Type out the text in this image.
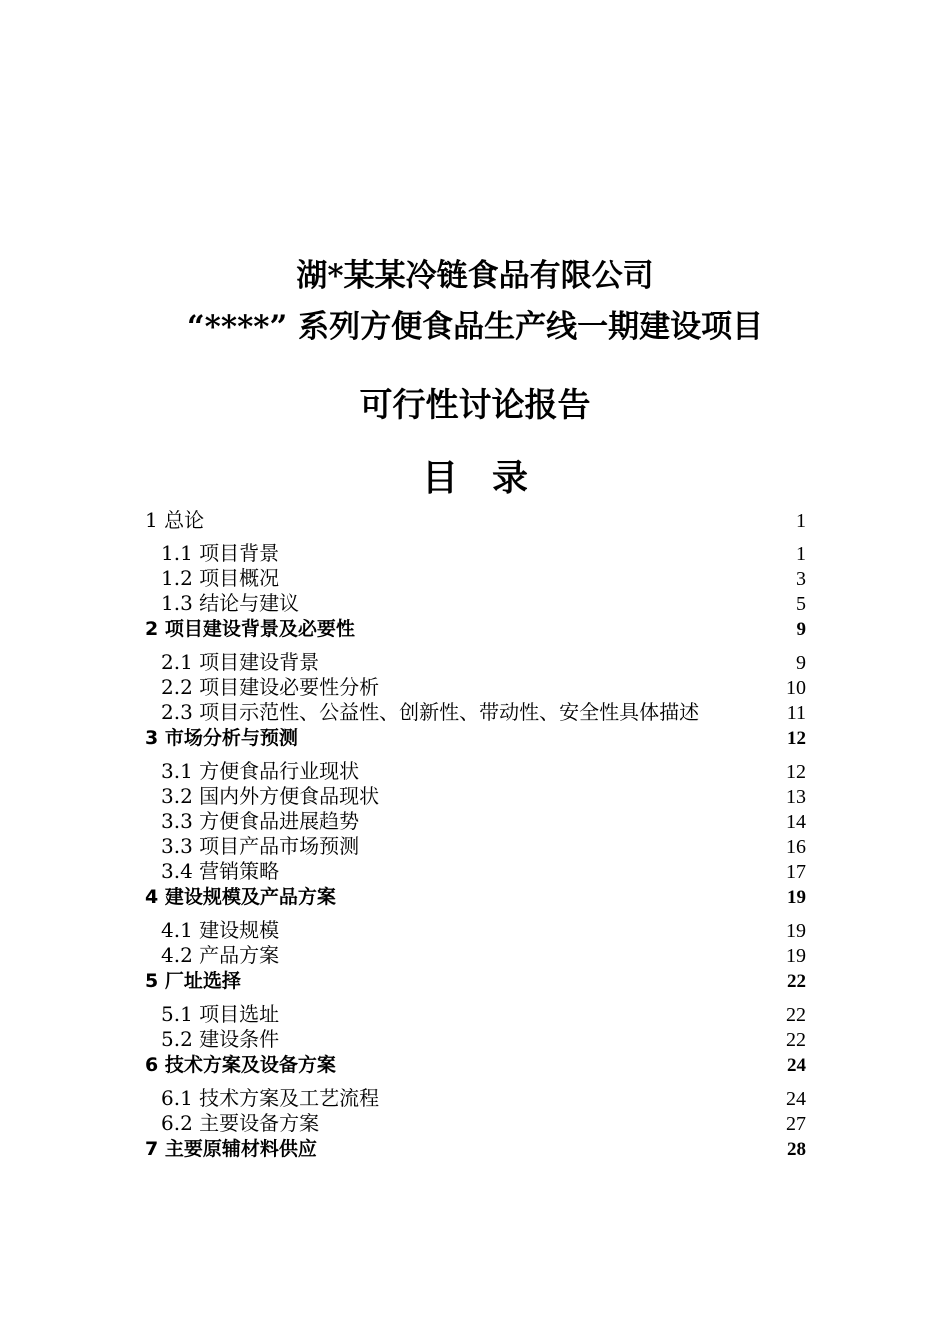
湖*某某冷链食品有限公司
“****” 系列方便食品生产线一期建设项目
可行性讨论报告
目录
1 总论	1
1.1 项目背景	1
1.2 项目概况	3
1.3 结论与建议	5
2 项目建设背景及必要性	9
2.1 项目建设背景	9
2.2 项目建设必要性分析	10
2.3 项目示范性、公益性、创新性、带动性、安全性具体描述	11
3 市场分析与预测	12
3.1 方便食品行业现状	12
3.2 国内外方便食品现状	13
3.3 方便食品进展趋势	14
3.3 项目产品市场预测	16
3.4 营销策略	17
4 建设规模及产品方案	19
4.1 建设规模	19
4.2 产品方案	19
5 厂址选择	22
5.1 项目选址	22
5.2 建设条件	22
6 技术方案及设备方案	24
6.1 技术方案及工艺流程	24
6.2 主要设备方案	27
7 主要原辅材料供应	28
